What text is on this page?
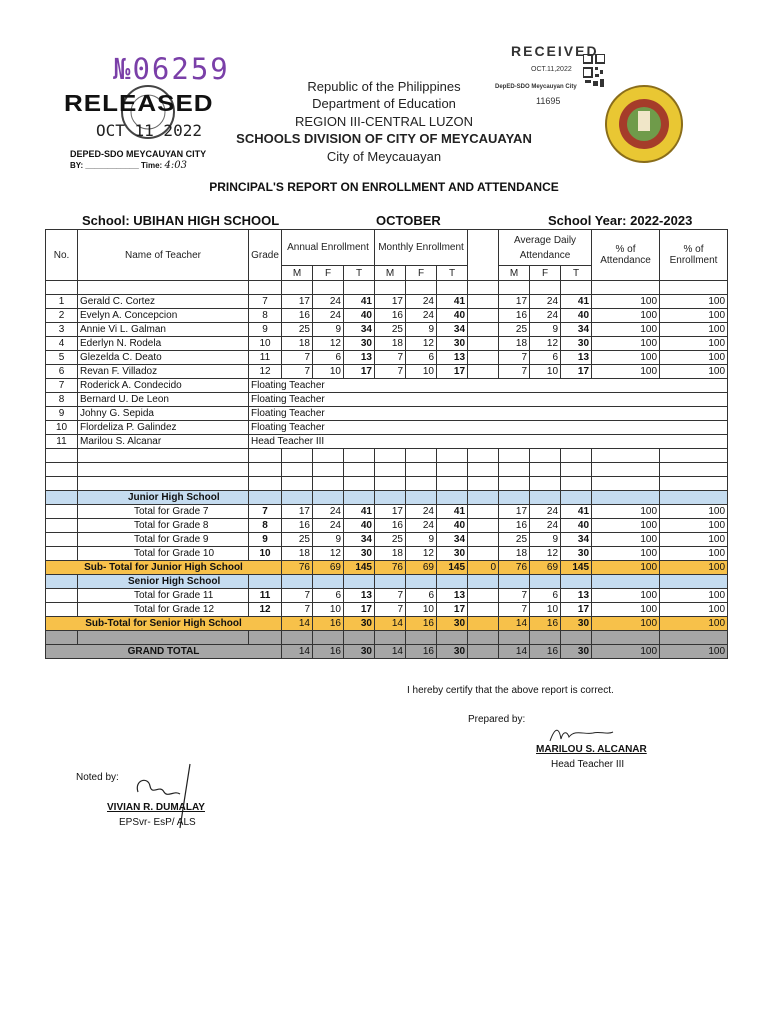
№06259
RELEASED
OCT 11 2022
DEPED-SDO MEYCAUYAN CITY
BY: ____________ Time: 4:03
RECEIVED
OCT.11,2022
DepED-SDO Meycauyan City
11695
Republic of the Philippines
Department of Education
REGION III-CENTRAL LUZON
SCHOOLS DIVISION OF CITY OF MEYCAUAYAN
City of Meycauayan
PRINCIPAL'S REPORT ON ENROLLMENT AND ATTENDANCE
School: UBIHAN HIGH SCHOOL	OCTOBER	School Year: 2022-2023
No.	Name of Teacher	Grade	Annual Enrollment			Monthly Enrollment				Average Daily Attendance			% of Attendance	% of Enrollment
			M	F	T	M	F	T		M	F	T		

1	Gerald C. Cortez	7	17	24	41	17	24	41		17	24	41	100	100
2	Evelyn A. Concepcion	8	16	24	40	16	24	40		16	24	40	100	100
3	Annie Vi L. Galman	9	25	9	34	25	9	34		25	9	34	100	100
4	Ederlyn N. Rodela	10	18	12	30	18	12	30		18	12	30	100	100
5	Glezelda C. Deato	11	7	6	13	7	6	13		7	6	13	100	100
6	Revan F. Villadoz	12	7	10	17	7	10	17		7	10	17	100	100
7	Roderick A. Condecido	Floating Teacher												
8	Bernard U. De Leon	Floating Teacher												
9	Johny G. Sepida	Floating Teacher												
10	Flordeliza P. Galindez	Floating Teacher												
11	Marilou S. Alcanar	Head Teacher III												

	Junior High School													
	Total for Grade 7	7	17	24	41	17	24	41		17	24	41	100	100
	Total for Grade 8	8	16	24	40	16	24	40		16	24	40	100	100
	Total for Grade 9	9	25	9	34	25	9	34		25	9	34	100	100
	Total for Grade 10	10	18	12	30	18	12	30		18	12	30	100	100
Sub- Total for Junior High School			76	69	145	76	69	145	0	76	69	145	100	100
	Senior High School													
	Total for Grade 11	11	7	6	13	7	6	13		7	6	13	100	100
	Total for Grade 12	12	7	10	17	7	10	17		7	10	17	100	100
Sub-Total for Senior High School			14	16	30	14	16	30		14	16	30	100	100

GRAND TOTAL			14	16	30	14	16	30		14	16	30	100	100
I hereby certify that the above report is correct.
Prepared by:
MARILOU S. ALCANAR
Head Teacher III
Noted by:
VIVIAN R. DUMALAY
EPSvr- EsP/ ALS
